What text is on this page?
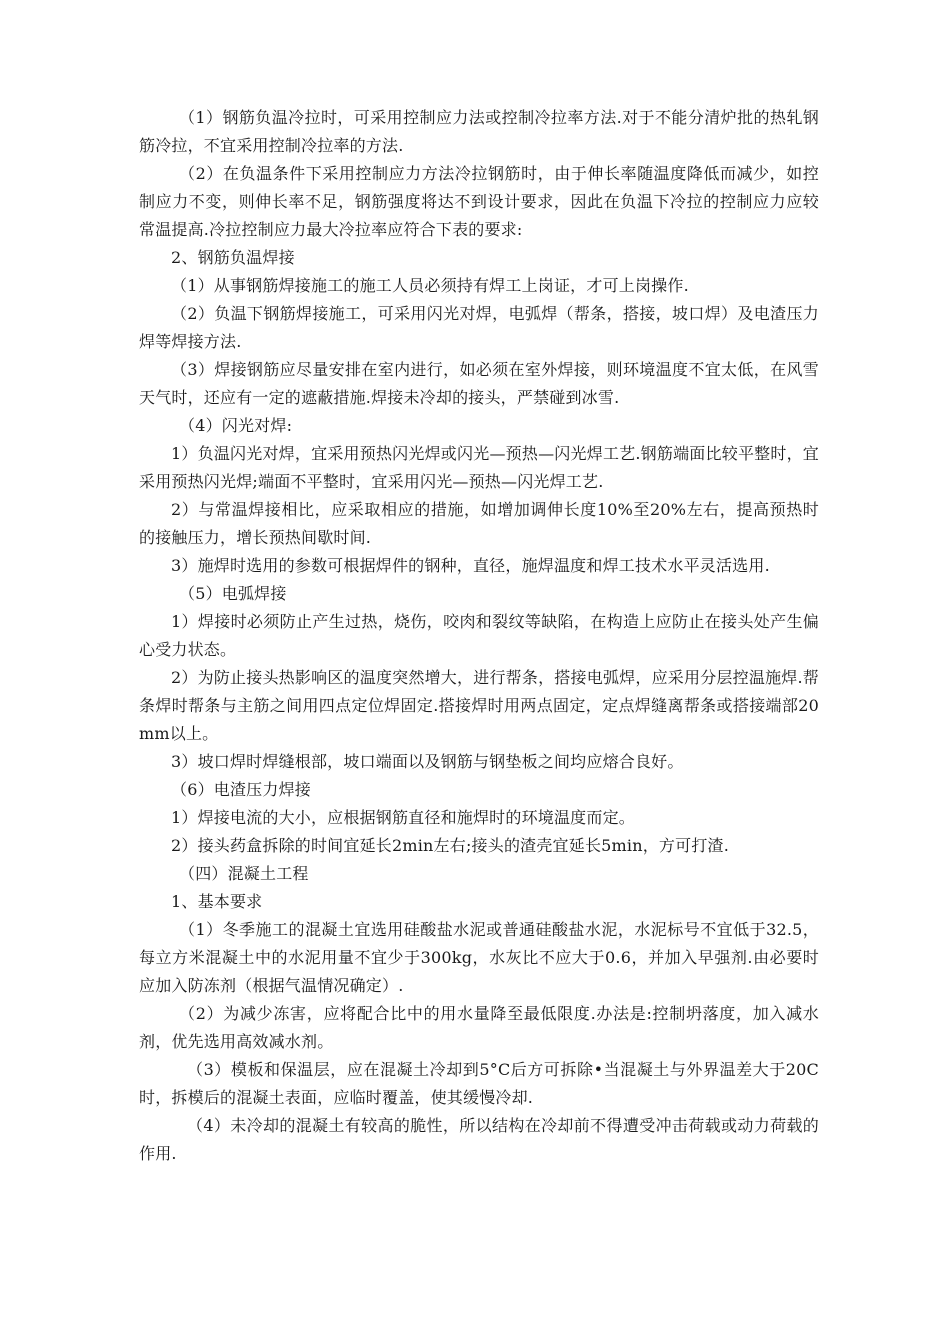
（1）钢筋负温冷拉时，可采用控制应力法或控制冷拉率方法.对于不能分清炉批的热轧钢筋冷拉，不宜采用控制冷拉率的方法.

（2）在负温条件下采用控制应力方法冷拉钢筋时，由于伸长率随温度降低而减少，如控制应力不变，则伸长率不足，钢筋强度将达不到设计要求，因此在负温下冷拉的控制应力应较常温提高.冷拉控制应力最大冷拉率应符合下表的要求:

2、钢筋负温焊接

（1）从事钢筋焊接施工的施工人员必须持有焊工上岗证，才可上岗操作.

（2）负温下钢筋焊接施工，可采用闪光对焊，电弧焊（帮条，搭接，坡口焊）及电渣压力焊等焊接方法.

（3）焊接钢筋应尽量安排在室内进行，如必须在室外焊接，则环境温度不宜太低，在风雪天气时，还应有一定的遮蔽措施.焊接未冷却的接头，严禁碰到冰雪.

（4）闪光对焊:

1）负温闪光对焊，宜采用预热闪光焊或闪光—预热—闪光焊工艺.钢筋端面比较平整时，宜采用预热闪光焊;端面不平整时，宜采用闪光—预热—闪光焊工艺.

2）与常温焊接相比，应采取相应的措施，如增加调伸长度10%至20%左右，提高预热时的接触压力，增长预热间歇时间.

3）施焊时选用的参数可根据焊件的钢种，直径，施焊温度和焊工技术水平灵活选用.

（5）电弧焊接

1）焊接时必须防止产生过热，烧伤，咬肉和裂纹等缺陷，在构造上应防止在接头处产生偏心受力状态。

2）为防止接头热影响区的温度突然增大，进行帮条，搭接电弧焊，应采用分层控温施焊.帮条焊时帮条与主筋之间用四点定位焊固定.搭接焊时用两点固定，定点焊缝离帮条或搭接端部20mm以上。

3）坡口焊时焊缝根部，坡口端面以及钢筋与钢垫板之间均应熔合良好。

（6）电渣压力焊接

1）焊接电流的大小，应根据钢筋直径和施焊时的环境温度而定。

2）接头药盒拆除的时间宜延长2min左右;接头的渣壳宜延长5min，方可打渣.

（四）混凝土工程

1、基本要求

（1）冬季施工的混凝土宜选用硅酸盐水泥或普通硅酸盐水泥，水泥标号不宜低于32.5，每立方米混凝土中的水泥用量不宜少于300kg，水灰比不应大于0.6，并加入早强剂.由必要时应加入防冻剂（根据气温情况确定）.

（2）为减少冻害，应将配合比中的用水量降至最低限度.办法是:控制坍落度，加入减水剂，优先选用高效减水剂。

（3）模板和保温层，应在混凝土冷却到5°C后方可拆除•当混凝土与外界温差大于20C时，拆模后的混凝土表面，应临时覆盖，使其缓慢冷却.

（4）未冷却的混凝土有较高的脆性，所以结构在冷却前不得遭受冲击荷载或动力荷载的作用.
